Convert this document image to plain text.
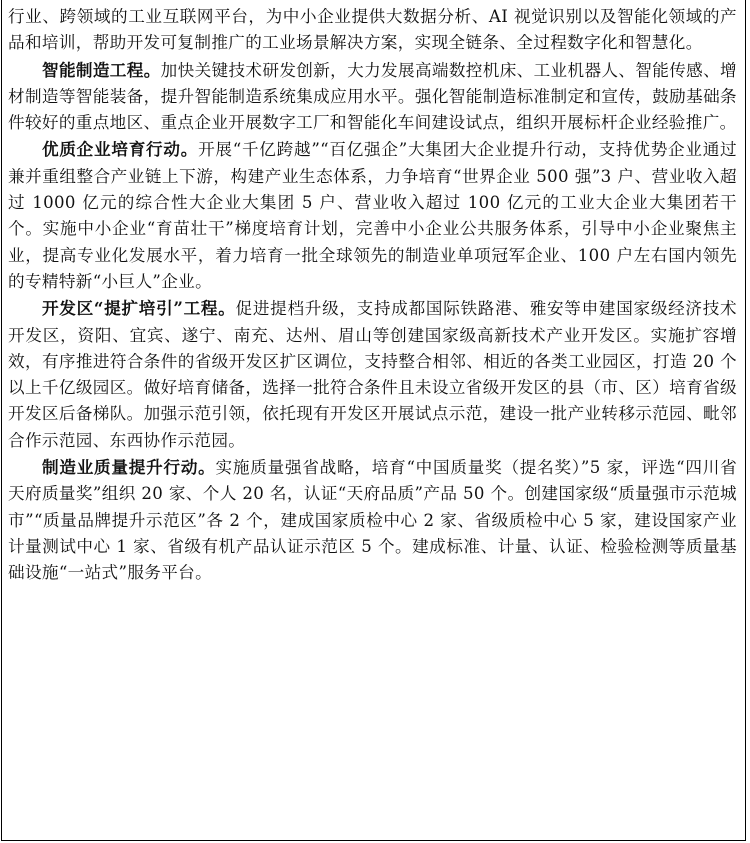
行业、跨领域的工业互联网平台，为中小企业提供大数据分析、AI 视觉识别以及智能化领域的产品和培训，帮助开发可复制推广的工业场景解决方案，实现全链条、全过程数字化和智慧化。

智能制造工程。加快关键技术研发创新，大力发展高端数控机床、工业机器人、智能传感、增材制造等智能装备，提升智能制造系统集成应用水平。强化智能制造标准制定和宣传，鼓励基础条件较好的重点地区、重点企业开展数字工厂和智能化车间建设试点，组织开展标杆企业经验推广。

优质企业培育行动。开展“千亿跨越”“百亿强企”大集团大企业提升行动，支持优势企业通过兼并重组整合产业链上下游，构建产业生态体系，力争培育“世界企业 500 强”3 户、营业收入超过 1000 亿元的综合性大企业大集团 5 户、营业收入超过 100 亿元的工业大企业大集团若干个。实施中小企业“育苗壮干”梯度培育计划，完善中小企业公共服务体系，引导中小企业聚焦主业，提高专业化发展水平，着力培育一批全球领先的制造业单项冠军企业、100 户左右国内领先的专精特新“小巨人”企业。

开发区“提扩培引”工程。促进提档升级，支持成都国际铁路港、雅安等申建国家级经济技术开发区，资阳、宜宾、遂宁、南充、达州、眉山等创建国家级高新技术产业开发区。实施扩容增效，有序推进符合条件的省级开发区扩区调位，支持整合相邻、相近的各类工业园区，打造 20 个以上千亿级园区。做好培育储备，选择一批符合条件且未设立省级开发区的县（市、区）培育省级开发区后备梯队。加强示范引领，依托现有开发区开展试点示范，建设一批产业转移示范园、毗邻合作示范园、东西协作示范园。

制造业质量提升行动。实施质量强省战略，培育“中国质量奖（提名奖）”5 家，评选“四川省天府质量奖”组织 20 家、个人 20 名，认证“天府品质”产品 50 个。创建国家级“质量强市示范城市”“质量品牌提升示范区”各 2 个，建成国家质检中心 2 家、省级质检中心 5 家，建设国家产业计量测试中心 1 家、省级有机产品认证示范区 5 个。建成标准、计量、认证、检验检测等质量基础设施“一站式”服务平台。
